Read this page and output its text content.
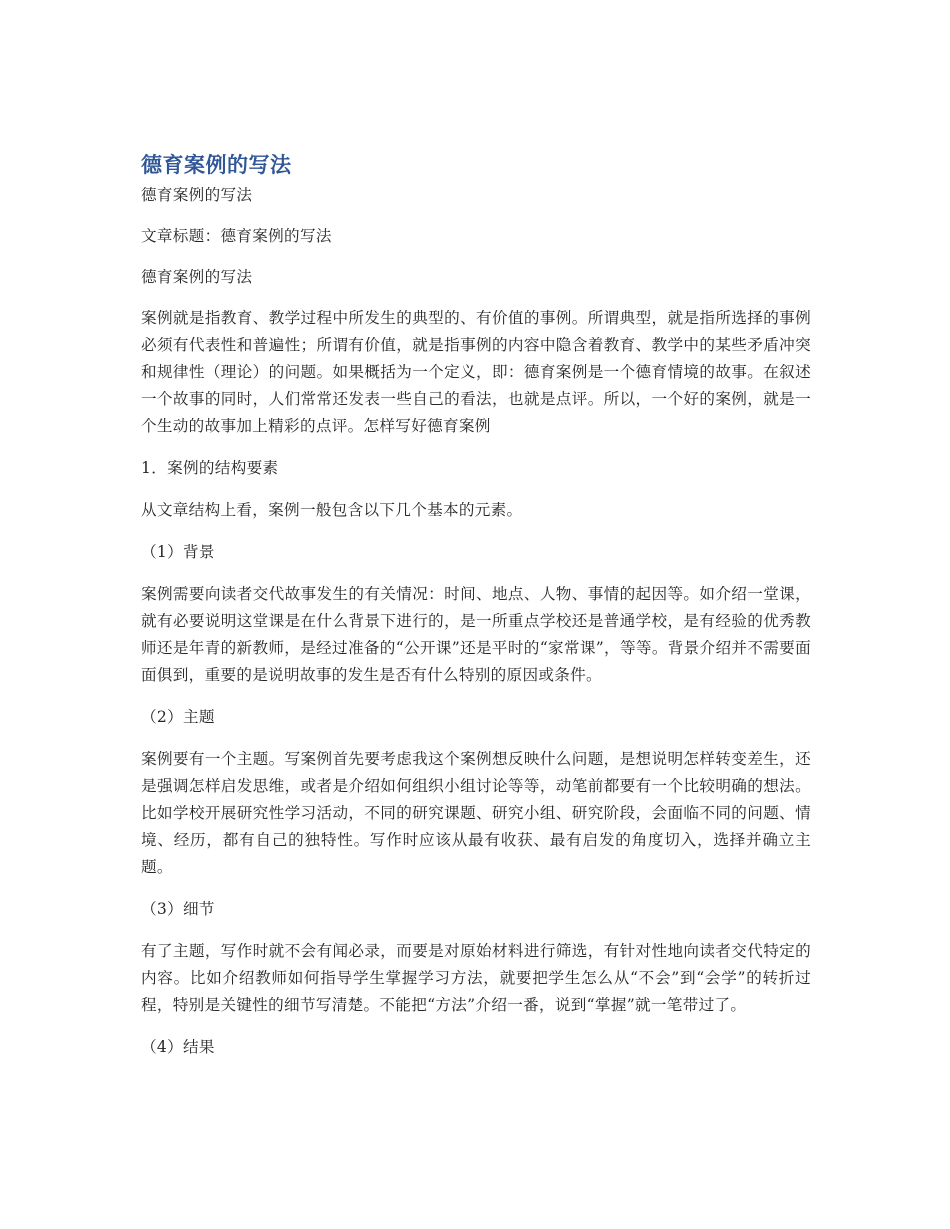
德育案例的写法
德育案例的写法
文章标题：德育案例的写法
德育案例的写法
案例就是指教育、教学过程中所发生的典型的、有价值的事例。所谓典型，就是指所选择的事例必须有代表性和普遍性；所谓有价值，就是指事例的内容中隐含着教育、教学中的某些矛盾冲突和规律性（理论）的问题。如果概括为一个定义，即：德育案例是一个德育情境的故事。在叙述一个故事的同时，人们常常还发表一些自己的看法，也就是点评。所以，一个好的案例，就是一个生动的故事加上精彩的点评。怎样写好德育案例
1．案例的结构要素
从文章结构上看，案例一般包含以下几个基本的元素。
（1）背景
案例需要向读者交代故事发生的有关情况：时间、地点、人物、事情的起因等。如介绍一堂课，就有必要说明这堂课是在什么背景下进行的，是一所重点学校还是普通学校，是有经验的优秀教师还是年青的新教师，是经过准备的“公开课”还是平时的“家常课”，等等。背景介绍并不需要面面俱到，重要的是说明故事的发生是否有什么特别的原因或条件。
（2）主题
案例要有一个主题。写案例首先要考虑我这个案例想反映什么问题，是想说明怎样转变差生，还是强调怎样启发思维，或者是介绍如何组织小组讨论等等，动笔前都要有一个比较明确的想法。比如学校开展研究性学习活动，不同的研究课题、研究小组、研究阶段，会面临不同的问题、情境、经历，都有自己的独特性。写作时应该从最有收获、最有启发的角度切入，选择并确立主题。
（3）细节
有了主题，写作时就不会有闻必录，而要是对原始材料进行筛选，有针对性地向读者交代特定的内容。比如介绍教师如何指导学生掌握学习方法，就要把学生怎么从“不会”到“会学”的转折过程，特别是关键性的细节写清楚。不能把“方法”介绍一番，说到“掌握”就一笔带过了。
（4）结果
